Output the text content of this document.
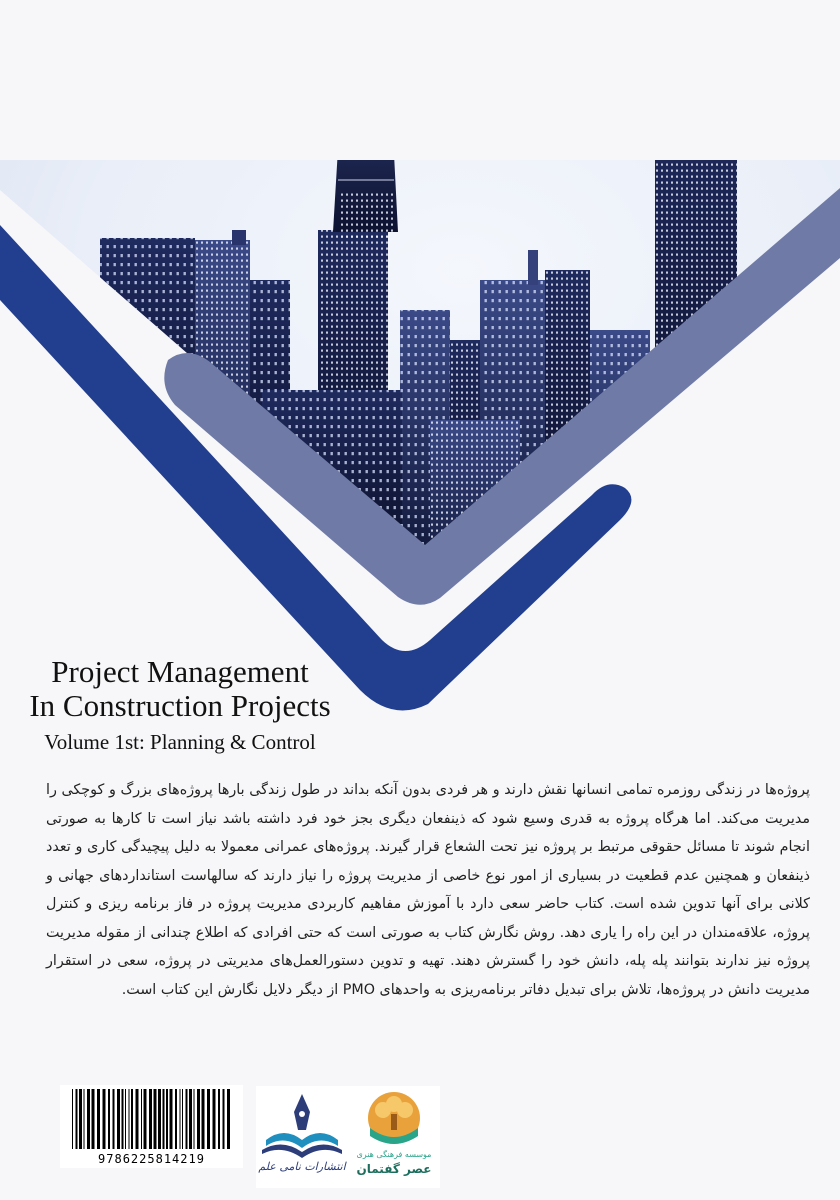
Project Management
In Construction Projects
Volume 1st: Planning & Control
پروژه‌ها در زندگی روزمره تمامی انسانها نقش دارند و هر فردی بدون آنکه بداند در طول زندگی بارها پروژه‌های بزرگ و کوچکی را مدیریت می‌کند. اما هرگاه پروژه به قدری وسیع شود که ذینفعان دیگری بجز خود فرد داشته باشد نیاز است تا کارها به صورتی انجام شوند تا مسائل حقوقی مرتبط بر پروژه نیز تحت الشعاع قرار گیرند. پروژه‌های عمرانی معمولا به دلیل پیچیدگی کاری و تعدد ذینفعان و همچنین عدم قطعیت در بسیاری از امور نوع خاصی از مدیریت پروژه را نیاز دارند که سالهاست استانداردهای جهانی و کلانی برای آنها تدوین شده است. کتاب حاضر سعی دارد با آموزش مفاهیم کاربردی مدیریت پروژه در فاز برنامه ریزی و کنترل پروژه، علاقه‌مندان در این راه را یاری دهد. روش نگارش کتاب به صورتی است که حتی افرادی که اطلاع چندانی از مقوله مدیریت پروژه نیز ندارند بتوانند پله پله، دانش خود را گسترش دهند. تهیه و تدوین دستورالعمل‌های مدیریتی در پروژه، سعی در استقرار مدیریت دانش در پروژه‌ها، تلاش برای تبدیل دفاتر برنامه‌ریزی به واحدهای PMO از دیگر دلایل نگارش این کتاب است.
9786225814219
انتشارات نامی علم
موسسه فرهنگی هنری
عصر گفتمان
